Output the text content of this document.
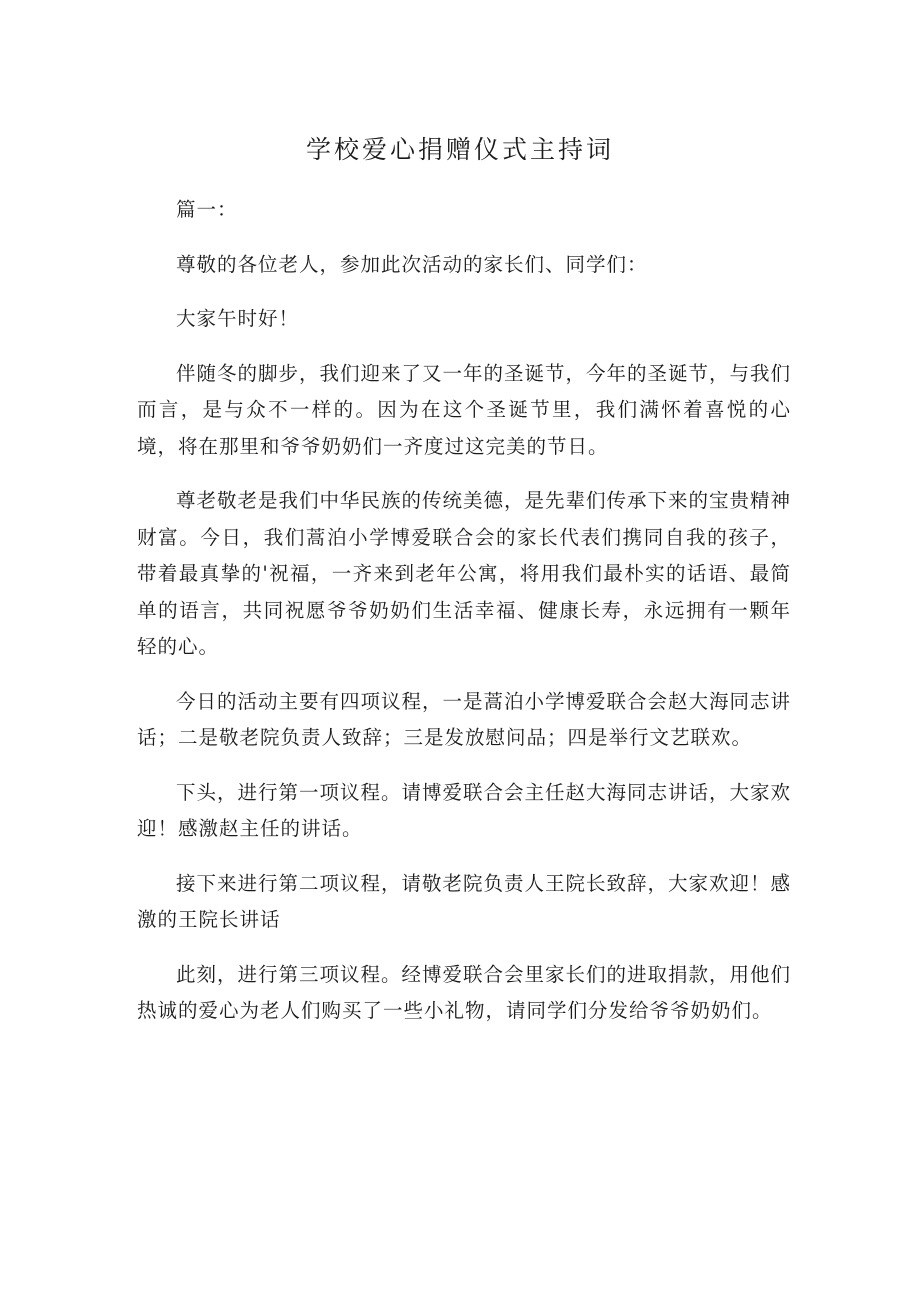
学校爱心捐赠仪式主持词

篇一：

尊敬的各位老人，参加此次活动的家长们、同学们：

大家午时好！

伴随冬的脚步，我们迎来了又一年的圣诞节，今年的圣诞节，与我们而言，是与众不一样的。因为在这个圣诞节里，我们满怀着喜悦的心境，将在那里和爷爷奶奶们一齐度过这完美的节日。

尊老敬老是我们中华民族的传统美德，是先辈们传承下来的宝贵精神财富。今日，我们蒿泊小学博爱联合会的家长代表们携同自我的孩子，带着最真挚的'祝福，一齐来到老年公寓，将用我们最朴实的话语、最简单的语言，共同祝愿爷爷奶奶们生活幸福、健康长寿，永远拥有一颗年轻的心。

今日的活动主要有四项议程，一是蒿泊小学博爱联合会赵大海同志讲话；二是敬老院负责人致辞；三是发放慰问品；四是举行文艺联欢。

下头，进行第一项议程。请博爱联合会主任赵大海同志讲话，大家欢迎！感激赵主任的讲话。

接下来进行第二项议程，请敬老院负责人王院长致辞，大家欢迎！感激的王院长讲话

此刻，进行第三项议程。经博爱联合会里家长们的进取捐款，用他们热诚的爱心为老人们购买了一些小礼物，请同学们分发给爷爷奶奶们。
